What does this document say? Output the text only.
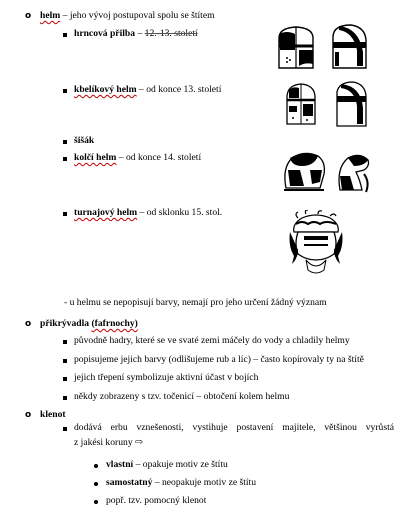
o helm – jeho vývoj postupoval spolu se štítem
hrncová přilba – 12.-13. století
kbelíkový helm – od konce 13. století
šišák
kolčí helm – od konce 14. století
turnajový helm – od sklonku 15. stol.
- u helmu se nepopisují barvy, nemají pro jeho určení žádný význam
o přikrývadla (fafrnochy)
původně hadry, které se ve svaté zemi máčely do vody a chladily helmy
popisujeme jejich barvy (odlišujeme rub a líc) – často kopírovaly ty na štítě
jejich třepení symbolizuje aktivní účast v bojích
někdy zobrazeny s tzv. točenicí – obtočení kolem helmu
o klenot
dodává erbu vznešenosti, vystihuje postavení majitele, většinou vyrůstá
z jakési koruny ⇨
vlastní – opakuje motiv ze štítu
samostatný – neopakuje motiv ze štítu
popř. tzv. pomocný klenot
